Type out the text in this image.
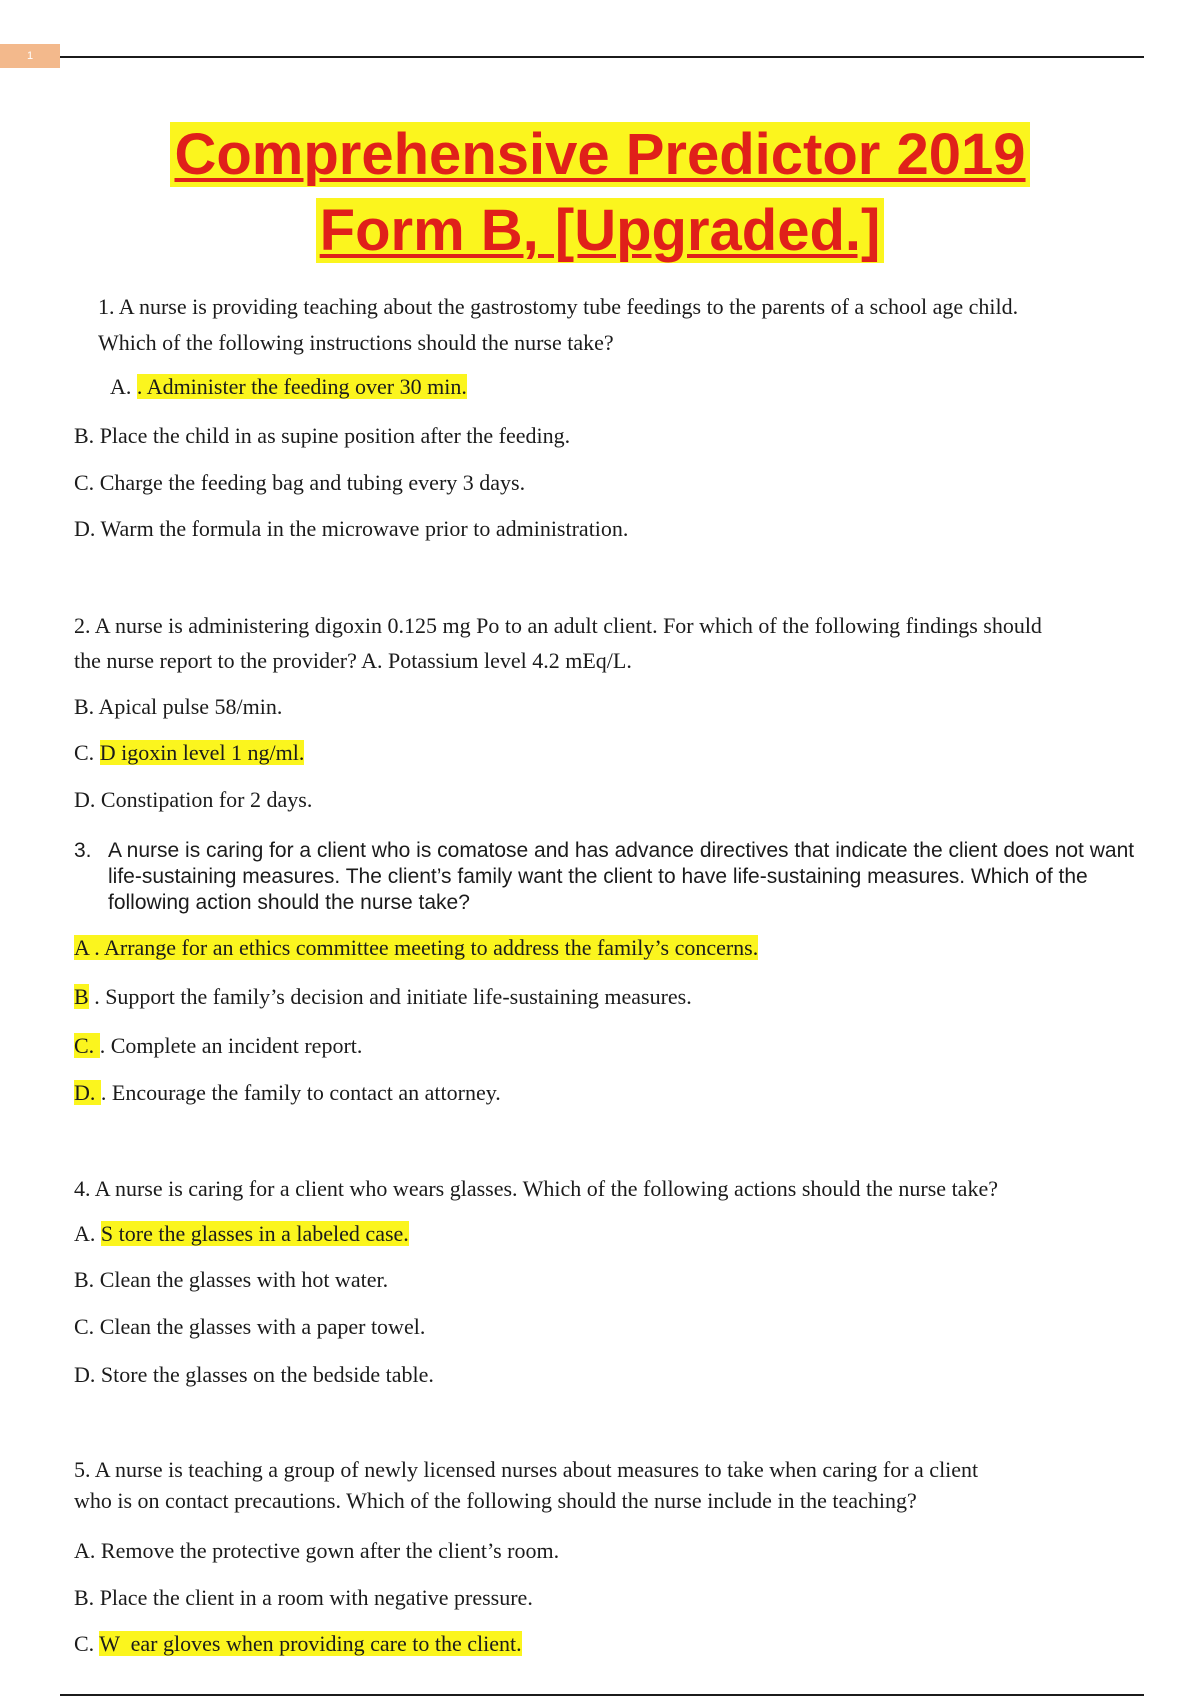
1
Comprehensive Predictor 2019
Form B, [Upgraded.]
1. A nurse is providing teaching about the gastrostomy tube feedings to the parents of a school age child.
Which of the following instructions should the nurse take?
A. . Administer the feeding over 30 min.
B. Place the child in as supine position after the feeding.
C. Charge the feeding bag and tubing every 3 days.
D. Warm the formula in the microwave prior to administration.
2. A nurse is administering digoxin 0.125 mg Po to an adult client. For which of the following findings should
the nurse report to the provider? A. Potassium level 4.2 mEq/L.
B. Apical pulse 58/min.
C. D igoxin level 1 ng/ml.
D. Constipation for 2 days.
3. A nurse is caring for a client who is comatose and has advance directives that indicate the client does not want life-sustaining measures. The client’s family want the client to have life-sustaining measures. Which of the following action should the nurse take?
A . Arrange for an ethics committee meeting to address the family’s concerns.
B . Support the family’s decision and initiate life-sustaining measures.
C. . Complete an incident report.
D. . Encourage the family to contact an attorney.
4. A nurse is caring for a client who wears glasses. Which of the following actions should the nurse take?
A. S tore the glasses in a labeled case.
B. Clean the glasses with hot water.
C. Clean the glasses with a paper towel.
D. Store the glasses on the bedside table.
5. A nurse is teaching a group of newly licensed nurses about measures to take when caring for a client
who is on contact precautions. Which of the following should the nurse include in the teaching?
A. Remove the protective gown after the client’s room.
B. Place the client in a room with negative pressure.
C. W  ear gloves when providing care to the client.
